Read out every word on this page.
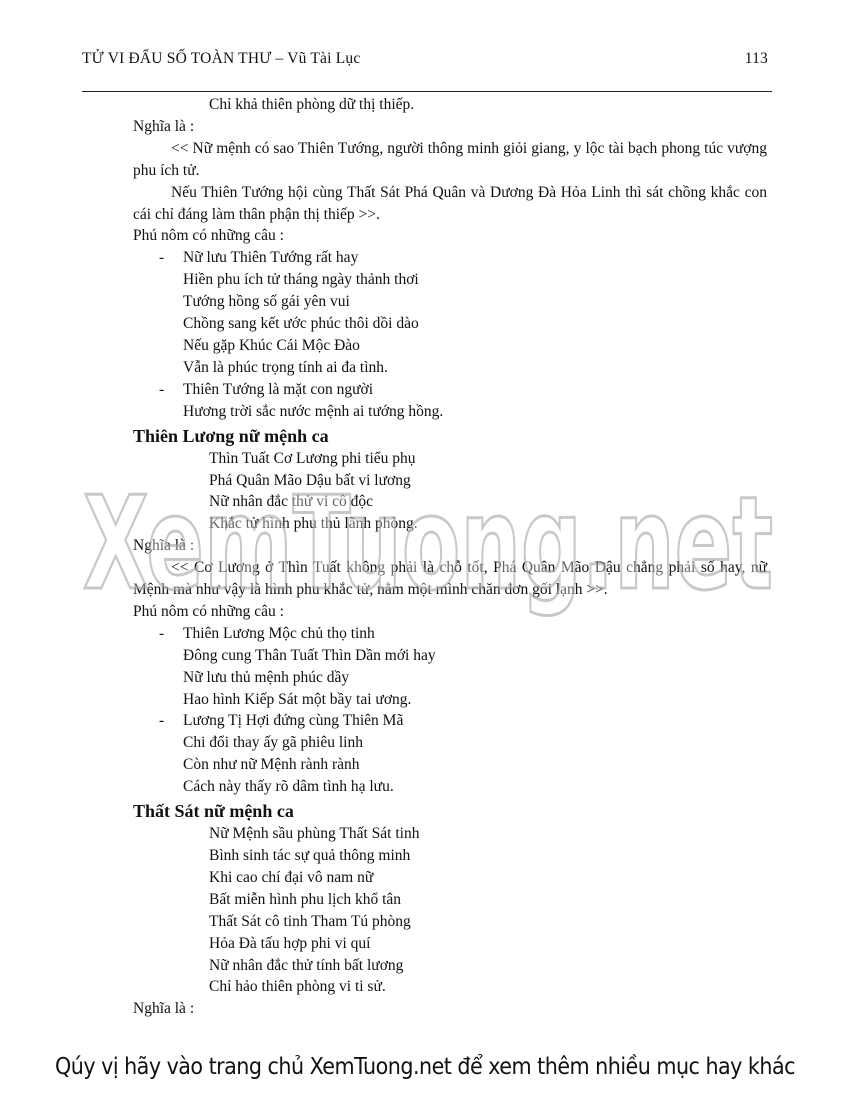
TỬ VI ĐẨU SỐ TOÀN THƯ – Vũ Tài Lục	113
Chỉ khả thiên phòng dữ thị thiếp.
Nghĩa là :
<< Nữ mệnh có sao Thiên Tướng, người thông minh giỏi giang, y lộc tài bạch phong túc vượng phu ích tử.
Nếu Thiên Tướng hội cùng Thất Sát Phá Quân và Dương Đà Hỏa Linh thì sát chồng khắc con cái chỉ đáng làm thân phận thị thiếp >>.
Phú nôm có những câu :
- Nữ lưu Thiên Tướng rất hay
Hiền phu ích tử tháng ngày thảnh thơi
Tướng hồng số gái yên vui
Chồng sang kết ước phúc thôi dồi dào
Nếu gặp Khúc Cái Mộc Đào
Vẫn là phúc trọng tính ai đa tình.
- Thiên Tướng là mặt con người
Hương trời sắc nước mệnh ai tướng hồng.
Thiên Lương nữ mệnh ca
Thìn Tuất Cơ Lương phi tiểu phụ
Phá Quân Mão Dậu bất vi lương
Nữ nhân đắc thử vi cô độc
Khắc tử hình phu thủ lãnh phòng.
Nghĩa là :
<< Cơ Lương ở Thìn Tuất không phải là chỗ tốt, Phá Quân Mão Dậu chẳng phải số hay, nữ Mệnh mà như vậy là hình phu khắc tử, nằm một mình chăn đơn gối lạnh >>.
Phú nôm có những câu :
- Thiên Lương Mộc chủ thọ tinh
Đông cung Thân Tuất Thìn Dần mới hay
Nữ lưu thủ mệnh phúc dầy
Hao hình Kiếp Sát một bầy tai ương.
- Lương Tị Hợi đứng cùng Thiên Mã
Chi đổi thay ấy gã phiêu linh
Còn như nữ Mệnh rành rành
Cách này thấy rõ dâm tình hạ lưu.
Thất Sát nữ mệnh ca
Nữ Mệnh sầu phùng Thất Sát tinh
Bình sinh tác sự quả thông minh
Khi cao chí đại vô nam nữ
Bất miễn hình phu lịch khổ tân
Thất Sát cô tinh Tham Tú phòng
Hỏa Đà tấu hợp phi vi quí
Nữ nhân đắc thử tính bất lương
Chỉ hảo thiên phòng vi ti sử.
Nghĩa là :
XemTuong.net
Qúy vị hãy vào trang chủ XemTuong.net để xem thêm nhiều mục hay khác
